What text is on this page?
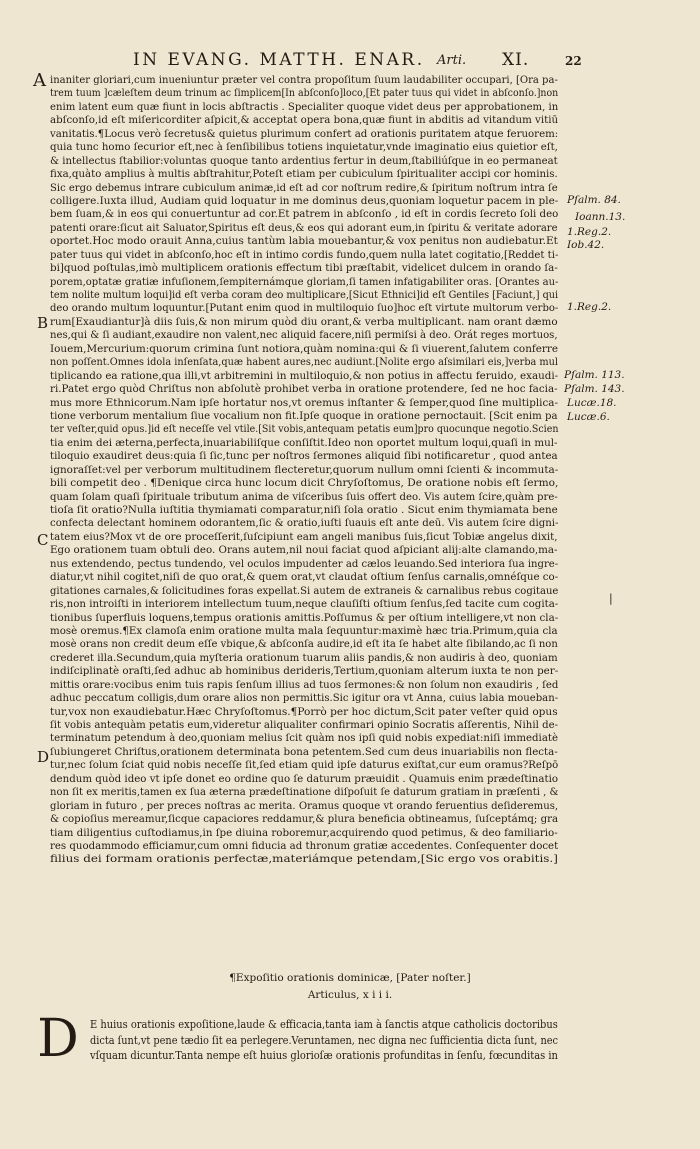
IN EVANG. MATTH. ENAR. Arti. XI.	22
A
B
C
D
inaniter gloriari,cum inueniuntur præter vel contra propoſitum ſuum laudabiliter occupari, [Ora pa-
trem tuum ]cæleſtem deum trinum ac ſimplicem[In abſconſo]loco,[Et pater tuus qui videt in abſconſo.]non
enim latent eum quæ fiunt in locis abſtractis . Specialiter quoque videt deus per approbationem, in
abſconſo,id eſt miſericorditer aſpicit,& acceptat opera bona,quæ fiunt in abditis ad vitandum vitiū
vanitatis.¶Locus verò ſecretus& quietus plurimum confert ad orationis puritatem atque feruorem:
quia tunc homo ſecurior eſt,nec à ſenſibilibus totiens inquietatur,vnde imaginatio eius quietior eſt,
& intellectus ſtabilior:voluntas quoque tanto ardentius fertur in deum,ſtabiliúſque in eo permaneat
fixa,quàto amplius à multis abſtrahitur,Poteſt etiam per cubiculum ſpiritualiter accipi cor hominis.
Sic ergo debemus intrare cubiculum animæ,id eſt ad cor noſtrum redire,& ſpiritum noſtrum intra ſe
colligere.Iuxta illud, Audiam quid loquatur in me dominus deus,quoniam loquetur pacem in ple-
bem ſuam,& in eos qui conuertuntur ad cor.Et patrem in abſconſo , id eſt in cordis ſecreto ſoli deo
patenti orare:ſicut ait Saluator,Spiritus eſt deus,& eos qui adorant eum,in ſpiritu & veritate adorare
oportet.Hoc modo orauit Anna,cuius tantùm labia mouebantur,& vox penitus non audiebatur.Et
pater tuus qui videt in abſconſo,hoc eſt in intimo cordis fundo,quem nulla latet cogitatio,[Reddet ti-
bi]quod poſtulas,imò multiplicem orationis effectum tibi præſtabit, videlicet dulcem in orando ſa-
porem,optatæ gratiæ infuſionem,ſempiternámque gloriam,ſi tamen infatigabiliter oras. [Orantes au-
tem nolite multum loqui]id eſt verba coram deo multiplicare,[Sicut Ethnici]id eſt Gentiles [Faciunt,] qui
deo orando multum loquuntur.[Putant enim quod in multiloquio ſuo]hoc eſt virtute multorum verbo-
rum[Exaudiantur]à diis ſuis,& non mirum quòd diu orant,& verba multiplicant. nam orant dæmo
nes,qui & ſi audiant,exaudire non valent,nec aliquid facere,niſi permiſsi à deo. Orát reges mortuos,
Iouem,Mercurium:quorum crimina ſunt notiora,quàm nomina:qui & ſi viuerent,ſalutem conferre
non poſſent.Omnes idola inſenſata,quæ habent aures,nec audiunt.[Nolite ergo aſsimilari eis,]verba mul
tiplicando ea ratione,qua illi,vt arbitremini in multiloquio,& non potius in affectu feruido, exaudi-
ri.Patet ergo quòd Chriſtus non abſolutè prohibet verba in oratione protendere, ſed ne hoc facia-
mus more Ethnicorum.Nam ipſe hortatur nos,vt oremus inſtanter & ſemper,quod ſine multiplica-
tione verborum mentalium ſiue vocalium non fit.Ipſe quoque in oratione pernoctauit. [Scit enim pa
ter veſter,quid opus.]id eſt neceſſe vel vtile.[Sit vobis,antequam petatis eum]pro quocunque negotio.Scien
tia enim dei æterna,perfecta,inuariabiliſque conſiſtit.Ideo non oportet multum loqui,quaſi in mul-
tiloquio exaudiret deus:quia ſi ſic,tunc per noſtros ſermones aliquid ſibi notificaretur , quod antea
ignoraſſet:vel per verborum multitudinem flecteretur,quorum nullum omni ſcienti & incommuta-
bili competit deo . ¶Denique circa hunc locum dicit Chryſoſtomus, De oratione nobis eſt ſermo,
quam ſolam quaſi ſpirituale tributum anima de viſceribus ſuis offert deo. Vis autem ſcire,quàm pre-
tioſa ſit oratio?Nulla iuſtitia thymiamati comparatur,niſi ſola oratio . Sicut enim thymiamata bene
confecta delectant hominem odorantem,ſic & oratio,iuſti ſuauis eſt ante deū. Vis autem ſcire digni-
tatem eius?Mox vt de ore proceſſerit,ſuſcipiunt eam angeli manibus ſuis,ſicut Tobiæ angelus dixit,
Ego orationem tuam obtuli deo. Orans autem,nil noui faciat quod aſpiciant alij:alte clamando,ma-
nus extendendo, pectus tundendo, vel oculos impudenter ad cælos leuando.Sed interiora ſua ingre-
diatur,vt nihil cogitet,niſi de quo orat,& quem orat,vt claudat oſtium ſenſus carnalis,omnéſque co-
gitationes carnales,& ſolicitudines foras expellat.Si autem de extraneis & carnalibus rebus cogitaue
ris,non introiſti in interiorem intellectum tuum,neque clauſiſti oſtium ſenſus,ſed tacite cum cogita-
tionibus ſuperfluis loquens,tempus orationis amittis.Poſſumus & per oſtium intelligere,vt non cla-
mosè oremus.¶Ex clamoſa enim oratione multa mala ſequuntur:maximè hæc tria.Primum,quia cla
mosè orans non credit deum eſſe vbique,& abſconſa audire,id eſt ita ſe habet alte ſibilando,ac ſi non
crederet illa.Secundum,quia myſteria orationum tuarum aliis pandis,& non audiris à deo, quoniam
indiſciplinatè oraſti,ſed adhuc ab hominibus derideris,Tertium,quoniam alterum iuxta te non per-
mittis orare:vocibus enim tuis rapis ſenſum illius ad tuos ſermones:& non ſolum non exaudiris , ſed
adhuc peccatum colligis,dum orare alios non permittis.Sic igitur ora vt Anna, cuius labia moueban-
tur,vox non exaudiebatur.Hæc Chryſoſtomus.¶Porrò per hoc dictum,Scit pater veſter quid opus
ſit vobis antequàm petatis eum,videretur aliqualiter confirmari opinio Socratis aſſerentis, Nihil de-
terminatum petendum à deo,quoniam melius ſcit quàm nos ipſi quid nobis expediat:niſi immediatè
ſubiungeret Chriſtus,orationem determinata bona petentem.Sed cum deus inuariabilis non flecta-
tur,nec ſolum ſciat quid nobis neceſſe ſit,ſed etiam quid ipſe daturus exiſtat,cur eum oramus?Reſpō
dendum quòd ideo vt ipſe donet eo ordine quo ſe daturum præuidit . Quamuis enim prædeſtinatio
non ſit ex meritis,tamen ex ſua æterna prædeſtinatione diſpoſuit ſe daturum gratiam in præſenti , &
gloriam in futuro , per preces noſtras ac merita. Oramus quoque vt orando feruentius deſideremus,
& copioſius mereamur,ſicque capaciores reddamur,& plura beneficia obtineamus, ſuſceptámq; gra
tiam diligentius cuſtodiamus,in ſpe diuina roboremur,acquirendo quod petimus, & deo familiario-
res quodammodo efficiamur,cum omni fiducia ad thronum gratiæ accedentes. Conſequenter docet
filius dei formam orationis perfectæ,materiámque petendam,[Sic ergo vos orabitis.]
Pſalm. 84.
Ioann.13.
1.Reg.2.
Iob.42.
1.Reg.2.
Pſalm. 113.
Pſalm. 143.
Lucæ.18.
Lucæ.6.
|
¶Expoſitio orationis dominicæ, [Pater noſter.]
Articulus, x i i i.
D E huius orationis expoſitione,laude & efficacia,tanta iam à ſanctis atque catholicis doctoribus
dicta ſunt,vt pene tædio ſit ea perlegere.Veruntamen, nec digna nec ſufficientia dicta ſunt, nec
vſquam dicuntur.Tanta nempe eſt huius glorioſæ orationis profunditas in ſenſu, fœcunditas in
